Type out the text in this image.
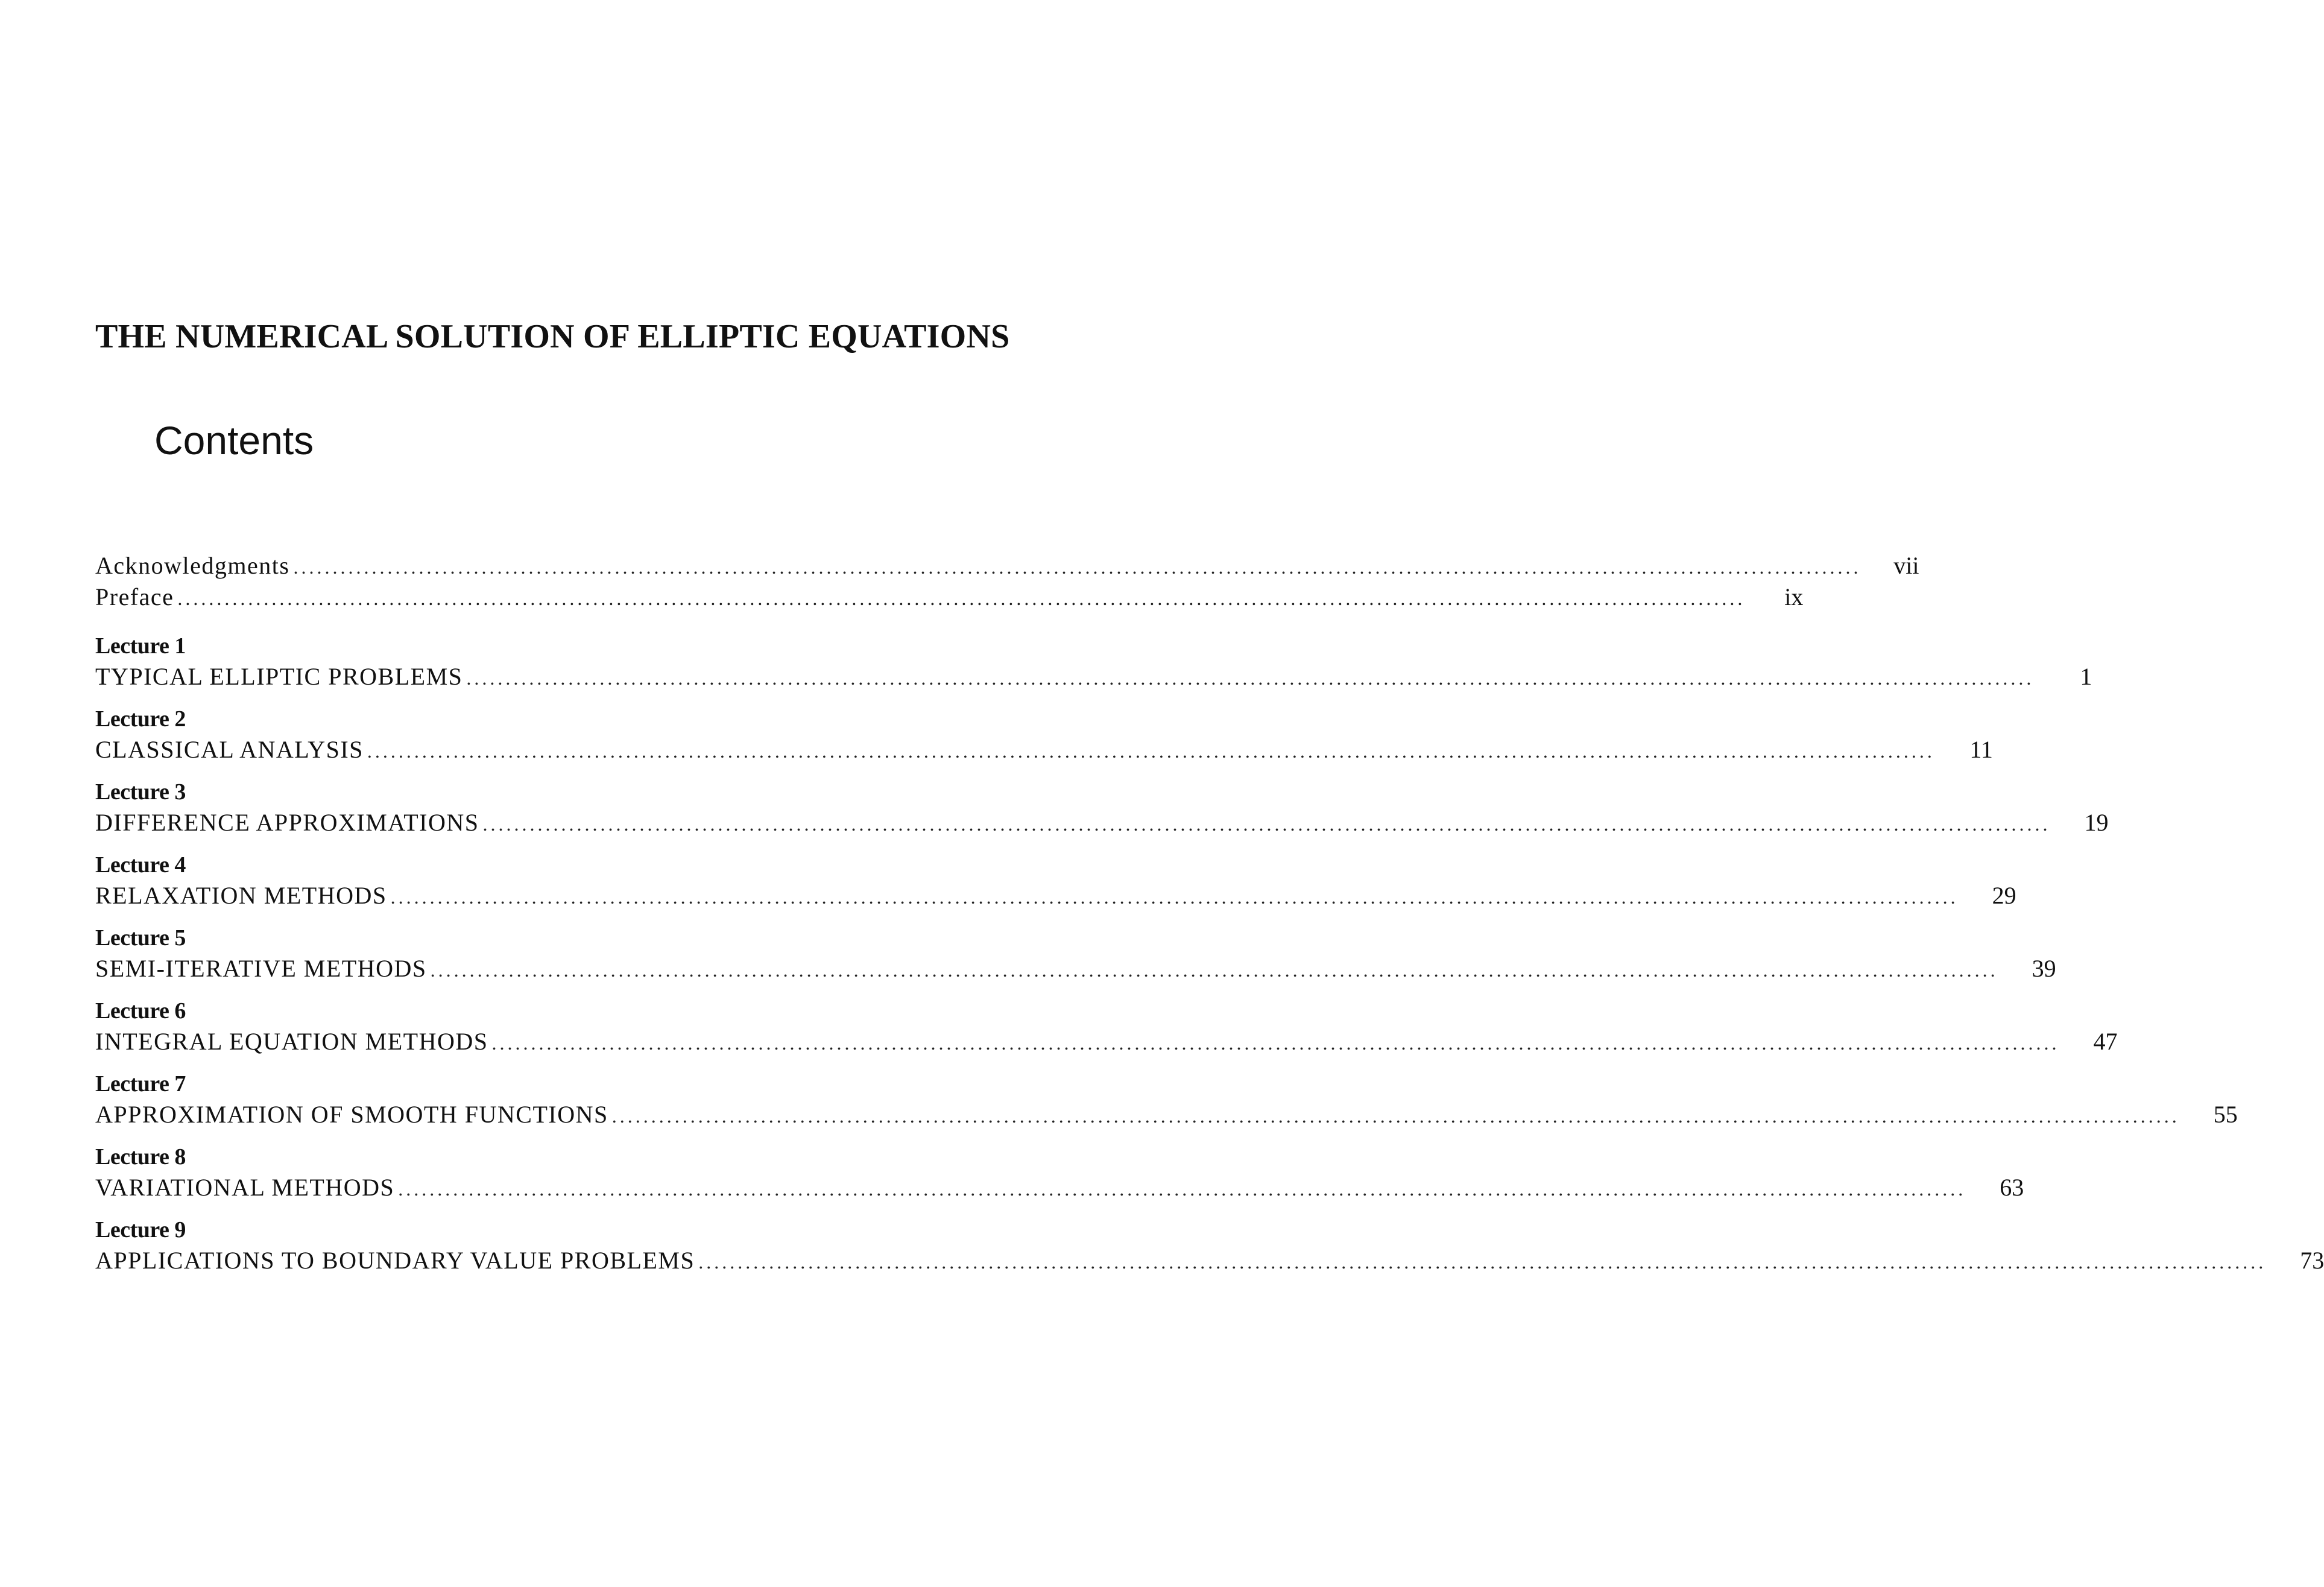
THE NUMERICAL SOLUTION OF ELLIPTIC EQUATIONS
Contents
Acknowledgments ........................................................................................................................................................................................................	vii
Preface ........................................................................................................................................................................................................	ix
Lecture 1
TYPICAL ELLIPTIC PROBLEMS ........................................................................................................................................................................................................	1
Lecture 2
CLASSICAL ANALYSIS ........................................................................................................................................................................................................	11
Lecture 3
DIFFERENCE APPROXIMATIONS ........................................................................................................................................................................................................	19
Lecture 4
RELAXATION METHODS ........................................................................................................................................................................................................	29
Lecture 5
SEMI-ITERATIVE METHODS ........................................................................................................................................................................................................	39
Lecture 6
INTEGRAL EQUATION METHODS ........................................................................................................................................................................................................	47
Lecture 7
APPROXIMATION OF SMOOTH FUNCTIONS ........................................................................................................................................................................................................	55
Lecture 8
VARIATIONAL METHODS ........................................................................................................................................................................................................	63
Lecture 9
APPLICATIONS TO BOUNDARY VALUE PROBLEMS ........................................................................................................................................................................................................	73
